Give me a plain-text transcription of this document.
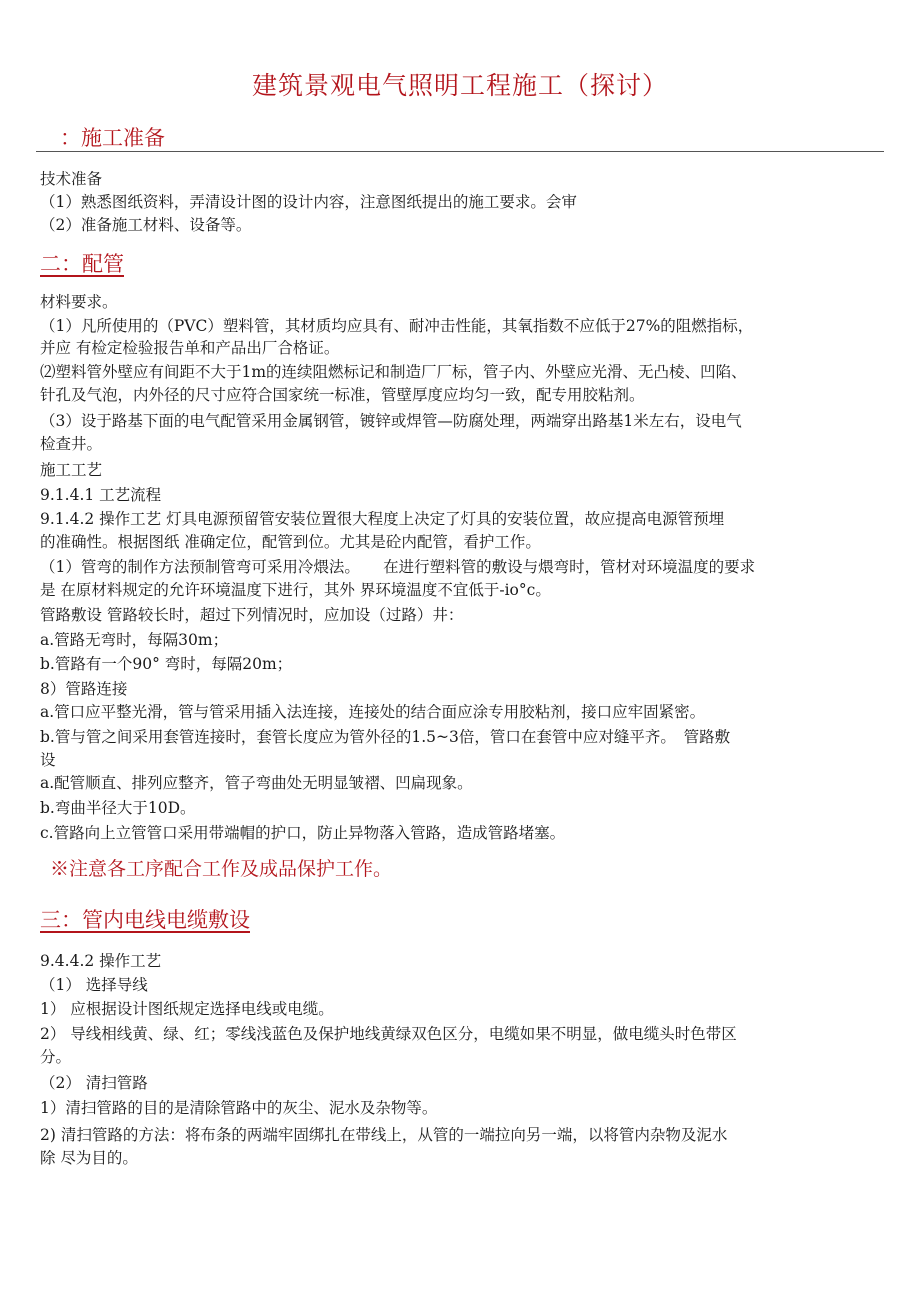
建筑景观电气照明工程施工（探讨）
：施工准备
技术准备
（1）熟悉图纸资料，弄清设计图的设计内容，注意图纸提出的施工要求。会审
（2）准备施工材料、设备等。
二：配管
材料要求。
（1）凡所使用的（PVC）塑料管，其材质均应具有、耐冲击性能，其氧指数不应低于27%的阻燃指标，
并应 有检定检验报告单和产品出厂合格证。
⑵塑料管外壁应有间距不大于1m的连续阻燃标记和制造厂厂标，管子内、外壁应光滑、无凸棱、凹陷、
针孔及气泡，内外径的尺寸应符合国家统一标准，管壁厚度应均匀一致，配专用胶粘剂。
（3）设于路基下面的电气配管采用金属钢管，镀锌或焊管—防腐处理，两端穿出路基1米左右，设电气
检查井。
施工工艺
9.1.4.1 工艺流程
9.1.4.2 操作工艺 灯具电源预留管安装位置很大程度上决定了灯具的安装位置，故应提高电源管预埋
的准确性。根据图纸 准确定位，配管到位。尤其是砼内配管，看护工作。
（1）管弯的制作方法预制管弯可采用冷煨法。　　在进行塑料管的敷设与煨弯时，管材对环境温度的要求
是 在原材料规定的允许环境温度下进行，其外 界环境温度不宜低于-io°c。
管路敷设 管路较长时，超过下列情况时，应加设（过路）井：
a.管路无弯时，每隔30m；
b.管路有一个90° 弯时，每隔20m；
8）管路连接
a.管口应平整光滑，管与管采用插入法连接，连接处的结合面应涂专用胶粘剂，接口应牢固紧密。
b.管与管之间采用套管连接时，套管长度应为管外径的1.5~3倍，管口在套管中应对缝平齐。　管路敷
设
a.配管顺直、排列应整齐，管子弯曲处无明显皱褶、凹扁现象。
b.弯曲半径大于10D。
c.管路向上立管管口采用带端帽的护口，防止异物落入管路，造成管路堵塞。
※注意各工序配合工作及成品保护工作。
三：管内电线电缆敷设
9.4.4.2 操作工艺
（1） 选择导线
1） 应根据设计图纸规定选择电线或电缆。
2） 导线相线黄、绿、红；零线浅蓝色及保护地线黄绿双色区分，电缆如果不明显，做电缆头时色带区
分。
（2） 清扫管路
1）清扫管路的目的是清除管路中的灰尘、泥水及杂物等。
2) 清扫管路的方法：将布条的两端牢固绑扎在带线上，从管的一端拉向另一端，以将管内杂物及泥水
除 尽为目的。
